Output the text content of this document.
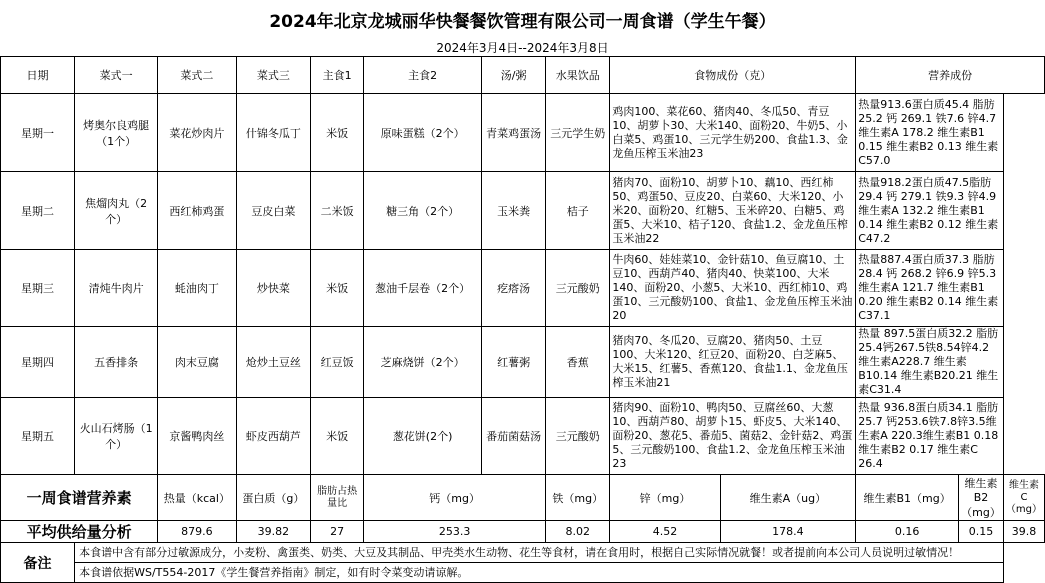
2024年北京龙城丽华快餐餐饮管理有限公司一周食谱（学生午餐）
2024年3月4日--2024年3月8日
日期	菜式一	菜式二	菜式三	主食1	主食2	汤/粥	水果饮品	食物成份（克）		营养成份		
星期一	烤奥尔良鸡腿（1个）	菜花炒肉片	什锦冬瓜丁	米饭	原味蛋糕（2个）	青菜鸡蛋汤	三元学生奶	鸡肉100、菜花60、猪肉40、冬瓜50、青豆10、胡萝卜30、大米140、面粉20、牛奶5、小白菜5、鸡蛋10、三元学生奶200、食盐1.3、金龙鱼压榨玉米油23		热量913.6蛋白质45.4 脂肪25.2 钙 269.1 铁7.6 锌4.7 维生素A 178.2 维生素B1 0.15 维生素B2 0.13 维生素C57.0		
星期二	焦熘肉丸（2个）	西红柿鸡蛋	豆皮白菜	二米饭	糖三角（2个）	玉米粪	桔子	猪肉70、面粉10、胡萝卜10、藕10、西红柿50、鸡蛋50、豆皮20、白菜60、大米120、小米20、面粉20、红糖5、玉米碎20、白糖5、鸡蛋5、大米10、桔子120、食盐1.2、金龙鱼压榨玉米油22		热量918.2蛋白质47.5脂肪29.4 钙 279.1 铁9.3 锌4.9 维生素A 132.2 维生素B1 0.14 维生素B2 0.12 维生素C47.2		
星期三	清炖牛肉片	蚝油肉丁	炒快菜	米饭	葱油千层卷（2个）	疙瘩汤	三元酸奶	牛肉60、娃娃菜10、金针菇10、鱼豆腐10、土豆10、西葫芦40、猪肉40、快菜100、大米140、面粉20、小葱5、大米10、西红柿10、鸡蛋10、三元酸奶100、食盐1、金龙鱼压榨玉米油20		热量887.4蛋白质37.3 脂肪28.4 钙 268.2 锌6.9 锌5.3 维生素A 121.7 维生素B1 0.20 维生素B2 0.14 维生素C37.1		
星期四	五香排条	肉末豆腐	炝炒土豆丝	红豆饭	芝麻烧饼（2个）	红薯粥	香蕉	猪肉70、冬瓜20、豆腐20、猪肉50、土豆100、大米120、红豆20、面粉20、白芝麻5、大米15、红薯5、香蕉120、食盐1.1、金龙鱼压榨玉米油21		热量 897.5蛋白质32.2 脂肪25.4钙267.5铁8.54锌4.2 维生素A228.7 维生素B10.14 维生素B20.21 维生素C31.4		
星期五	火山石烤肠（1个）	京酱鸭肉丝	虾皮西葫芦	米饭	葱花饼(2个)	番茄菌菇汤	三元酸奶	猪肉90、面粉10、鸭肉50、豆腐丝60、大葱10、西葫芦80、胡萝卜15、虾皮5、大米140、面粉20、葱花5、番茄5、菌菇2、金针菇2、鸡蛋5、三元酸奶100、食盐1.2、金龙鱼压榨玉米油23		热量 936.8蛋白质34.1 脂肪25.7 钙253.6铁7.8锌3.5维生素A 220.3维生素B1 0.18维生素B2 0.17 维生素C 26.4		
一周食谱营养素		热量（kcal）	蛋白质（g）	脂肪占热量比	钙（mg）		铁（mg）	锌（mg）	维生素A（ug）	维生素B1（mg）	维生素B2（mg）	维生素C（mg）
平均供给量分析		879.6	39.82	27	253.3		8.02	4.52	178.4	0.16	0.15	39.8
备注	本食谱中含有部分过敏源成分，小麦粉、禽蛋类、奶类、大豆及其制品、甲壳类水生动物、花生等食材，请在食用时，根据自己实际情况就餐！或者提前向本公司人员说明过敏情况！											
	本食谱依据WS/T554-2017《学生餐营养指南》制定，如有时令菜变动请谅解。											
